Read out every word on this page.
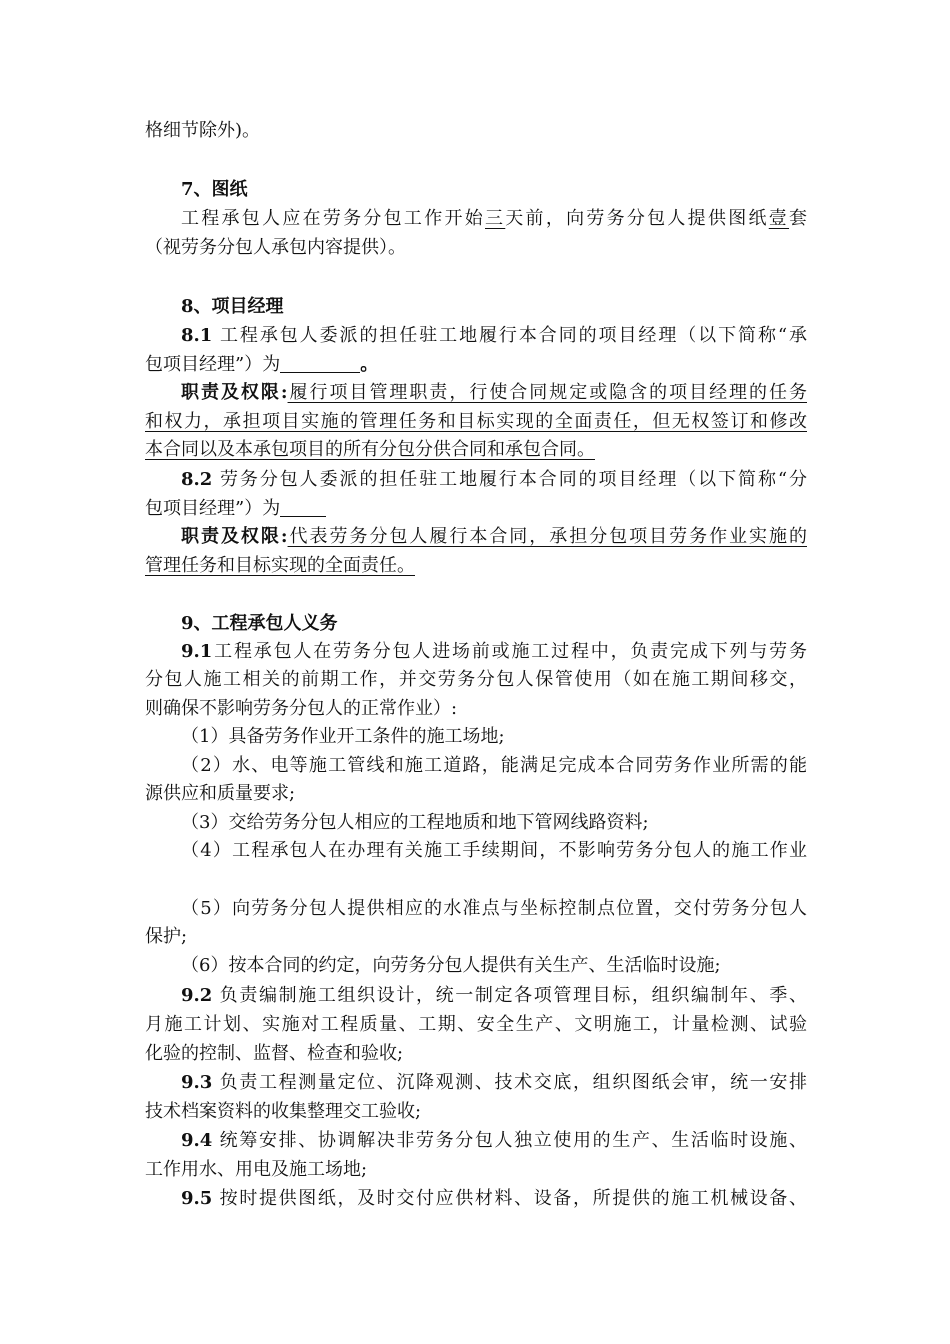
格细节除外)。
7、图纸
工程承包人应在劳务分包工作开始三天前，向劳务分包人提供图纸壹套
（视劳务分包人承包内容提供）。
8、项目经理
8.1 工程承包人委派的担任驻工地履行本合同的项目经理（以下简称“承
包项目经理”）为	。
职责及权限:履行项目管理职责，行使合同规定或隐含的项目经理的任务
和权力，承担项目实施的管理任务和目标实现的全面责任，但无权签订和修改
本合同以及本承包项目的所有分包分供合同和承包合同。
8.2 劳务分包人委派的担任驻工地履行本合同的项目经理（以下简称“分
包项目经理”）为
职责及权限:代表劳务分包人履行本合同，承担分包项目劳务作业实施的
管理任务和目标实现的全面责任。
9、工程承包人义务
9.1工程承包人在劳务分包人进场前或施工过程中，负责完成下列与劳务
分包人施工相关的前期工作，并交劳务分包人保管使用（如在施工期间移交，
则确保不影响劳务分包人的正常作业）:
（1）具备劳务作业开工条件的施工场地;
（2）水、电等施工管线和施工道路，能满足完成本合同劳务作业所需的能
源供应和质量要求;
（3）交给劳务分包人相应的工程地质和地下管网线路资料;
（4）工程承包人在办理有关施工手续期间，不影响劳务分包人的施工作业
（5）向劳务分包人提供相应的水准点与坐标控制点位置，交付劳务分包人
保护;
（6）按本合同的约定，向劳务分包人提供有关生产、生活临时设施;
9.2 负责编制施工组织设计，统一制定各项管理目标，组织编制年、季、
月施工计划、实施对工程质量、工期、安全生产、文明施工，计量检测、试验
化验的控制、监督、检查和验收;
9.3 负责工程测量定位、沉降观测、技术交底，组织图纸会审，统一安排
技术档案资料的收集整理交工验收;
9.4 统筹安排、协调解决非劳务分包人独立使用的生产、生活临时设施、
工作用水、用电及施工场地;
9.5 按时提供图纸，及时交付应供材料、设备，所提供的施工机械设备、
